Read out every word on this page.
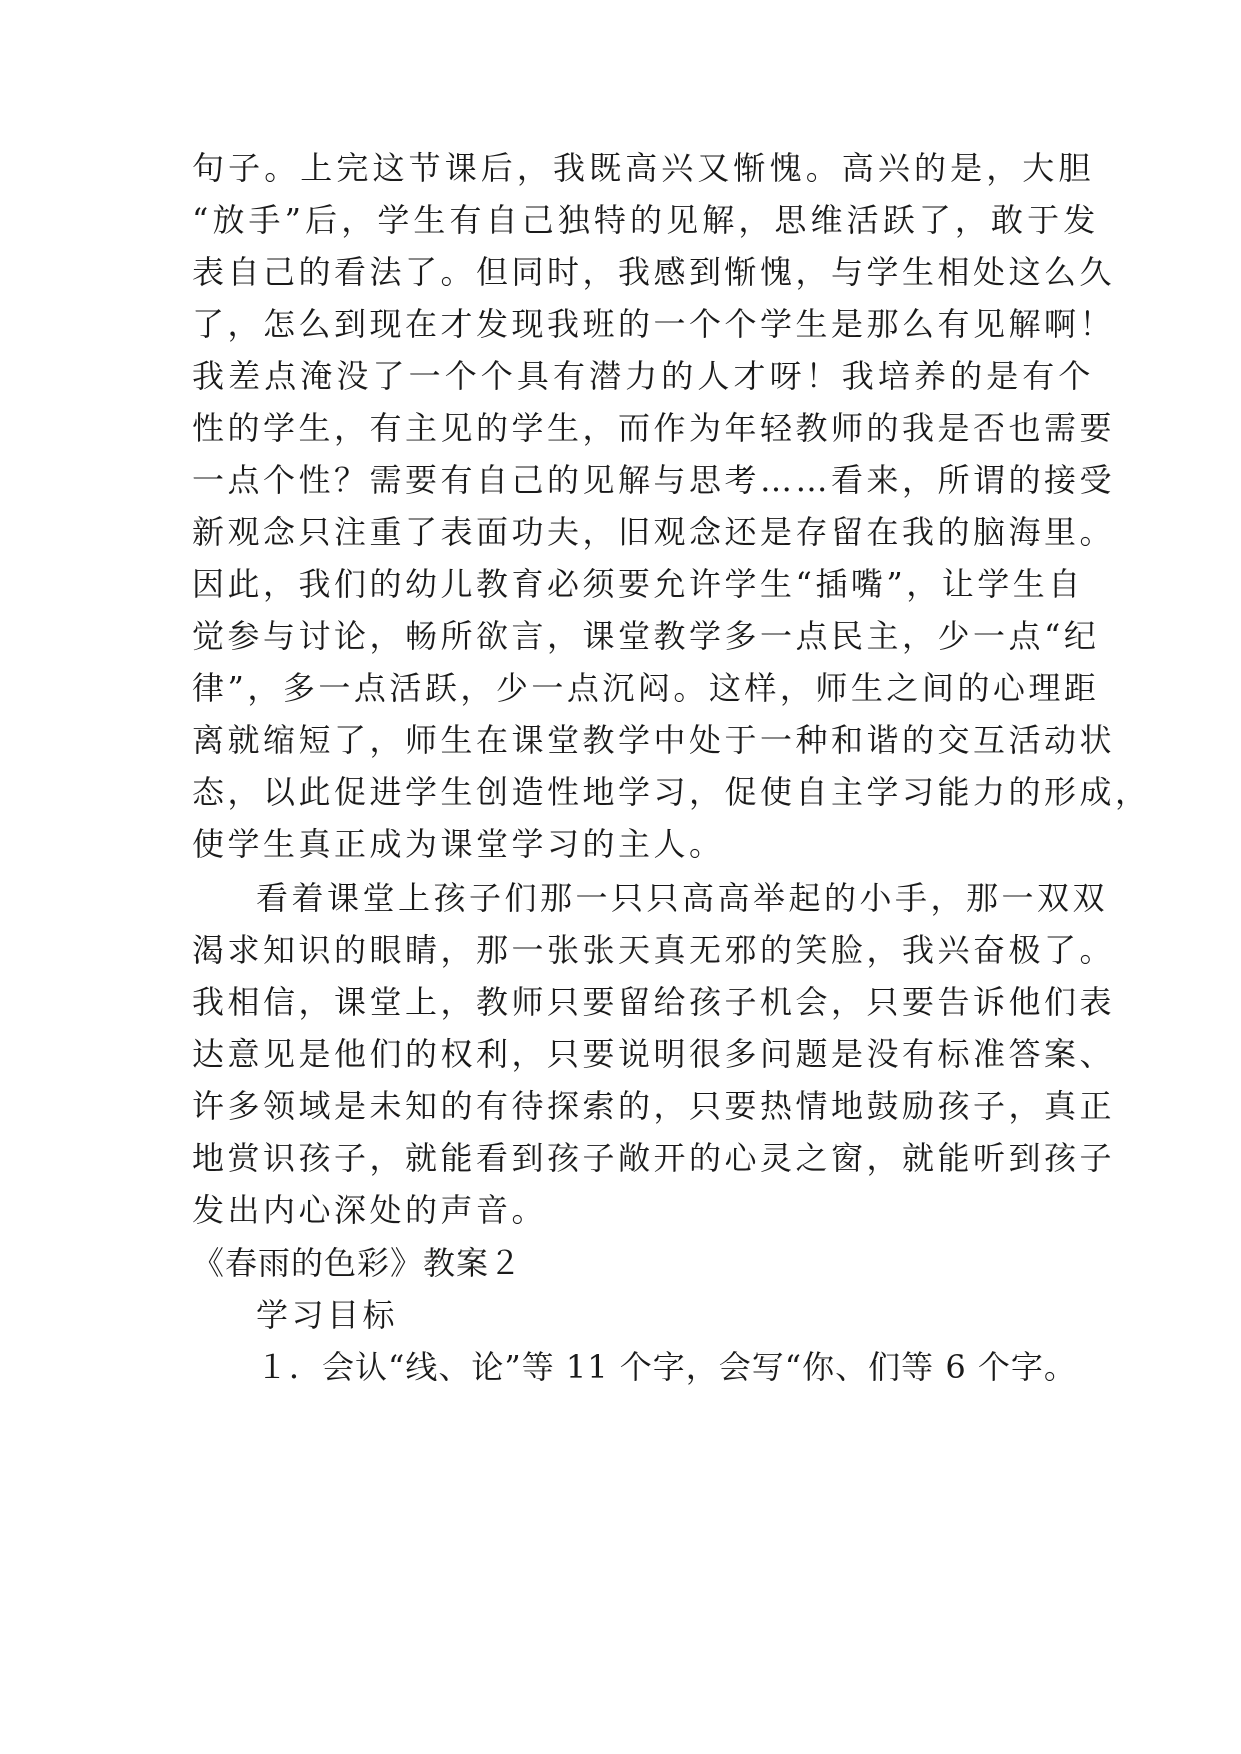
句子。上完这节课后，我既高兴又惭愧。高兴的是，大胆
“放手”后，学生有自己独特的见解，思维活跃了，敢于发
表自己的看法了。但同时，我感到惭愧，与学生相处这么久
了，怎么到现在才发现我班的一个个学生是那么有见解啊！
我差点淹没了一个个具有潜力的人才呀！我培养的是有个
性的学生，有主见的学生，而作为年轻教师的我是否也需要
一点个性？需要有自己的见解与思考……看来，所谓的接受
新观念只注重了表面功夫，旧观念还是存留在我的脑海里。
因此，我们的幼儿教育必须要允许学生“插嘴”，让学生自
觉参与讨论，畅所欲言，课堂教学多一点民主，少一点“纪
律”，多一点活跃，少一点沉闷。这样，师生之间的心理距
离就缩短了，师生在课堂教学中处于一种和谐的交互活动状
态，以此促进学生创造性地学习，促使自主学习能力的形成，
使学生真正成为课堂学习的主人。
看着课堂上孩子们那一只只高高举起的小手，那一双双
渴求知识的眼睛，那一张张天真无邪的笑脸，我兴奋极了。
我相信，课堂上，教师只要留给孩子机会，只要告诉他们表
达意见是他们的权利，只要说明很多问题是没有标准答案、
许多领域是未知的有待探索的，只要热情地鼓励孩子，真正
地赏识孩子，就能看到孩子敞开的心灵之窗，就能听到孩子
发出内心深处的声音。
《春雨的色彩》教案２
学习目标
１．会认“线、论”等 11 个字，会写“你、们等 6 个字。
